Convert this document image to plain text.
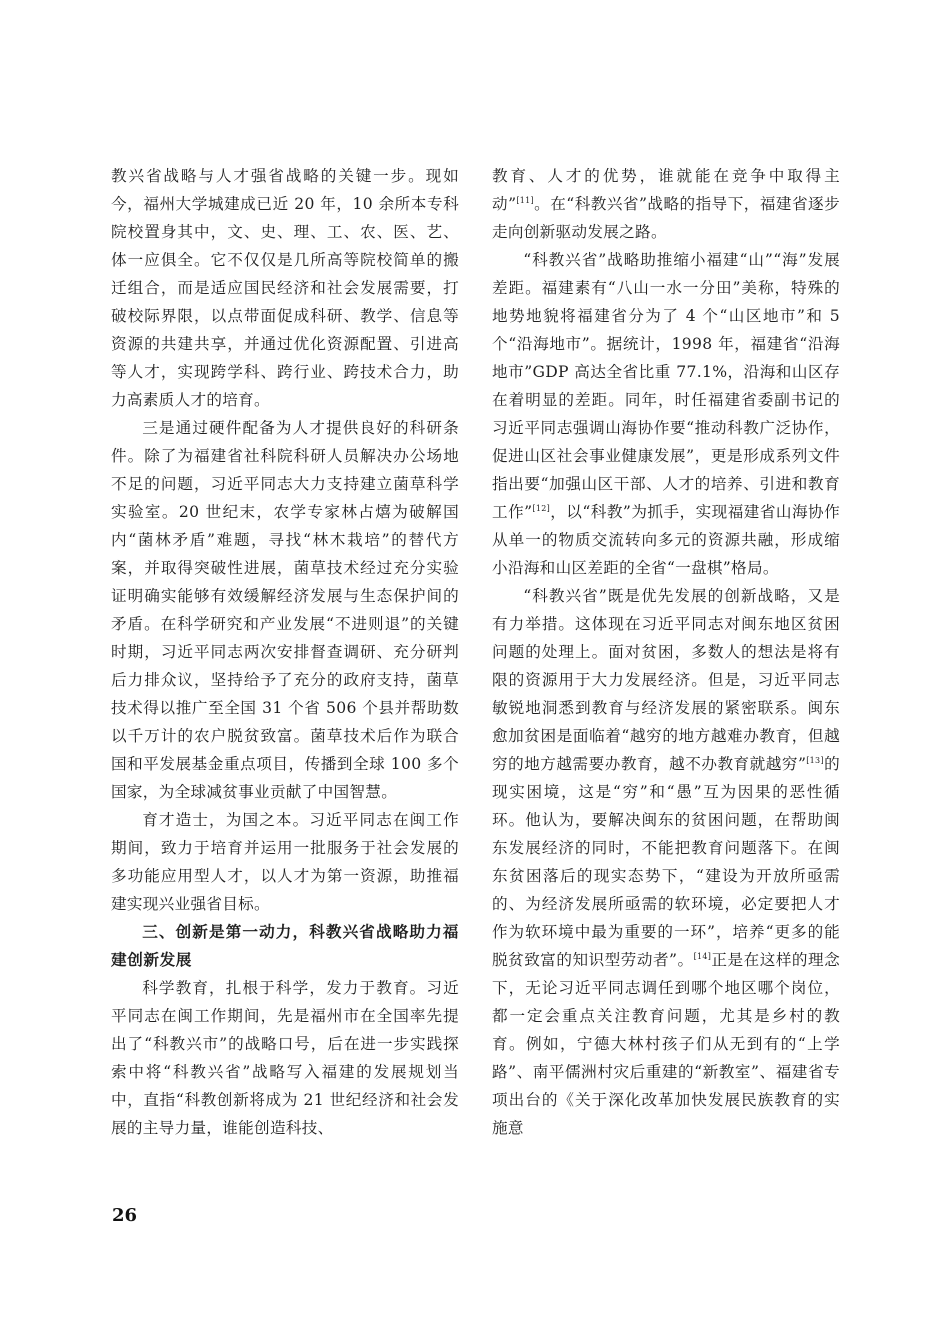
教兴省战略与人才强省战略的关键一步。现如今，福州大学城建成已近 20 年，10 余所本专科院校置身其中，文、史、理、工、农、医、艺、体一应俱全。它不仅仅是几所高等院校简单的搬迁组合，而是适应国民经济和社会发展需要，打破校际界限，以点带面促成科研、教学、信息等资源的共建共享，并通过优化资源配置、引进高等人才，实现跨学科、跨行业、跨技术合力，助力高素质人才的培育。

三是通过硬件配备为人才提供良好的科研条件。除了为福建省社科院科研人员解决办公场地不足的问题，习近平同志大力支持建立菌草科学实验室。20 世纪末，农学专家林占熺为破解国内“菌林矛盾”难题，寻找“林木栽培”的替代方案，并取得突破性进展，菌草技术经过充分实验证明确实能够有效缓解经济发展与生态保护间的矛盾。在科学研究和产业发展“不进则退”的关键时期，习近平同志两次安排督查调研、充分研判后力排众议，坚持给予了充分的政府支持，菌草技术得以推广至全国 31 个省 506 个县并帮助数以千万计的农户脱贫致富。菌草技术后作为联合国和平发展基金重点项目，传播到全球 100 多个国家，为全球减贫事业贡献了中国智慧。

育才造士，为国之本。习近平同志在闽工作期间，致力于培育并运用一批服务于社会发展的多功能应用型人才，以人才为第一资源，助推福建实现兴业强省目标。

三、创新是第一动力，科教兴省战略助力福建创新发展

科学教育，扎根于科学，发力于教育。习近平同志在闽工作期间，先是福州市在全国率先提出了“科教兴市”的战略口号，后在进一步实践探索中将“科教兴省”战略写入福建的发展规划当中，直指“科教创新将成为 21 世纪经济和社会发展的主导力量，谁能创造科技、

教育、人才的优势，谁就能在竞争中取得主动”[11]。在“科教兴省”战略的指导下，福建省逐步走向创新驱动发展之路。

“科教兴省”战略助推缩小福建“山”“海”发展差距。福建素有“八山一水一分田”美称，特殊的地势地貌将福建省分为了 4 个“山区地市”和 5 个“沿海地市”。据统计，1998 年，福建省“沿海地市”GDP 高达全省比重 77.1%，沿海和山区存在着明显的差距。同年，时任福建省委副书记的习近平同志强调山海协作要“推动科教广泛协作，促进山区社会事业健康发展”，更是形成系列文件指出要“加强山区干部、人才的培养、引进和教育工作”[12]，以“科教”为抓手，实现福建省山海协作从单一的物质交流转向多元的资源共融，形成缩小沿海和山区差距的全省“一盘棋”格局。

“科教兴省”既是优先发展的创新战略，又是有力举措。这体现在习近平同志对闽东地区贫困问题的处理上。面对贫困，多数人的想法是将有限的资源用于大力发展经济。但是，习近平同志敏锐地洞悉到教育与经济发展的紧密联系。闽东愈加贫困是面临着“越穷的地方越难办教育，但越穷的地方越需要办教育，越不办教育就越穷”[13]的现实困境，这是“穷”和“愚”互为因果的恶性循环。他认为，要解决闽东的贫困问题，在帮助闽东发展经济的同时，不能把教育问题落下。在闽东贫困落后的现实态势下，“建设为开放所亟需的、为经济发展所亟需的软环境，必定要把人才作为软环境中最为重要的一环”，培养“更多的能脱贫致富的知识型劳动者”。[14]正是在这样的理念下，无论习近平同志调任到哪个地区哪个岗位，都一定会重点关注教育问题，尤其是乡村的教育。例如，宁德大林村孩子们从无到有的“上学路”、南平儒洲村灾后重建的“新教室”、福建省专项出台的《关于深化改革加快发展民族教育的实施意

26
